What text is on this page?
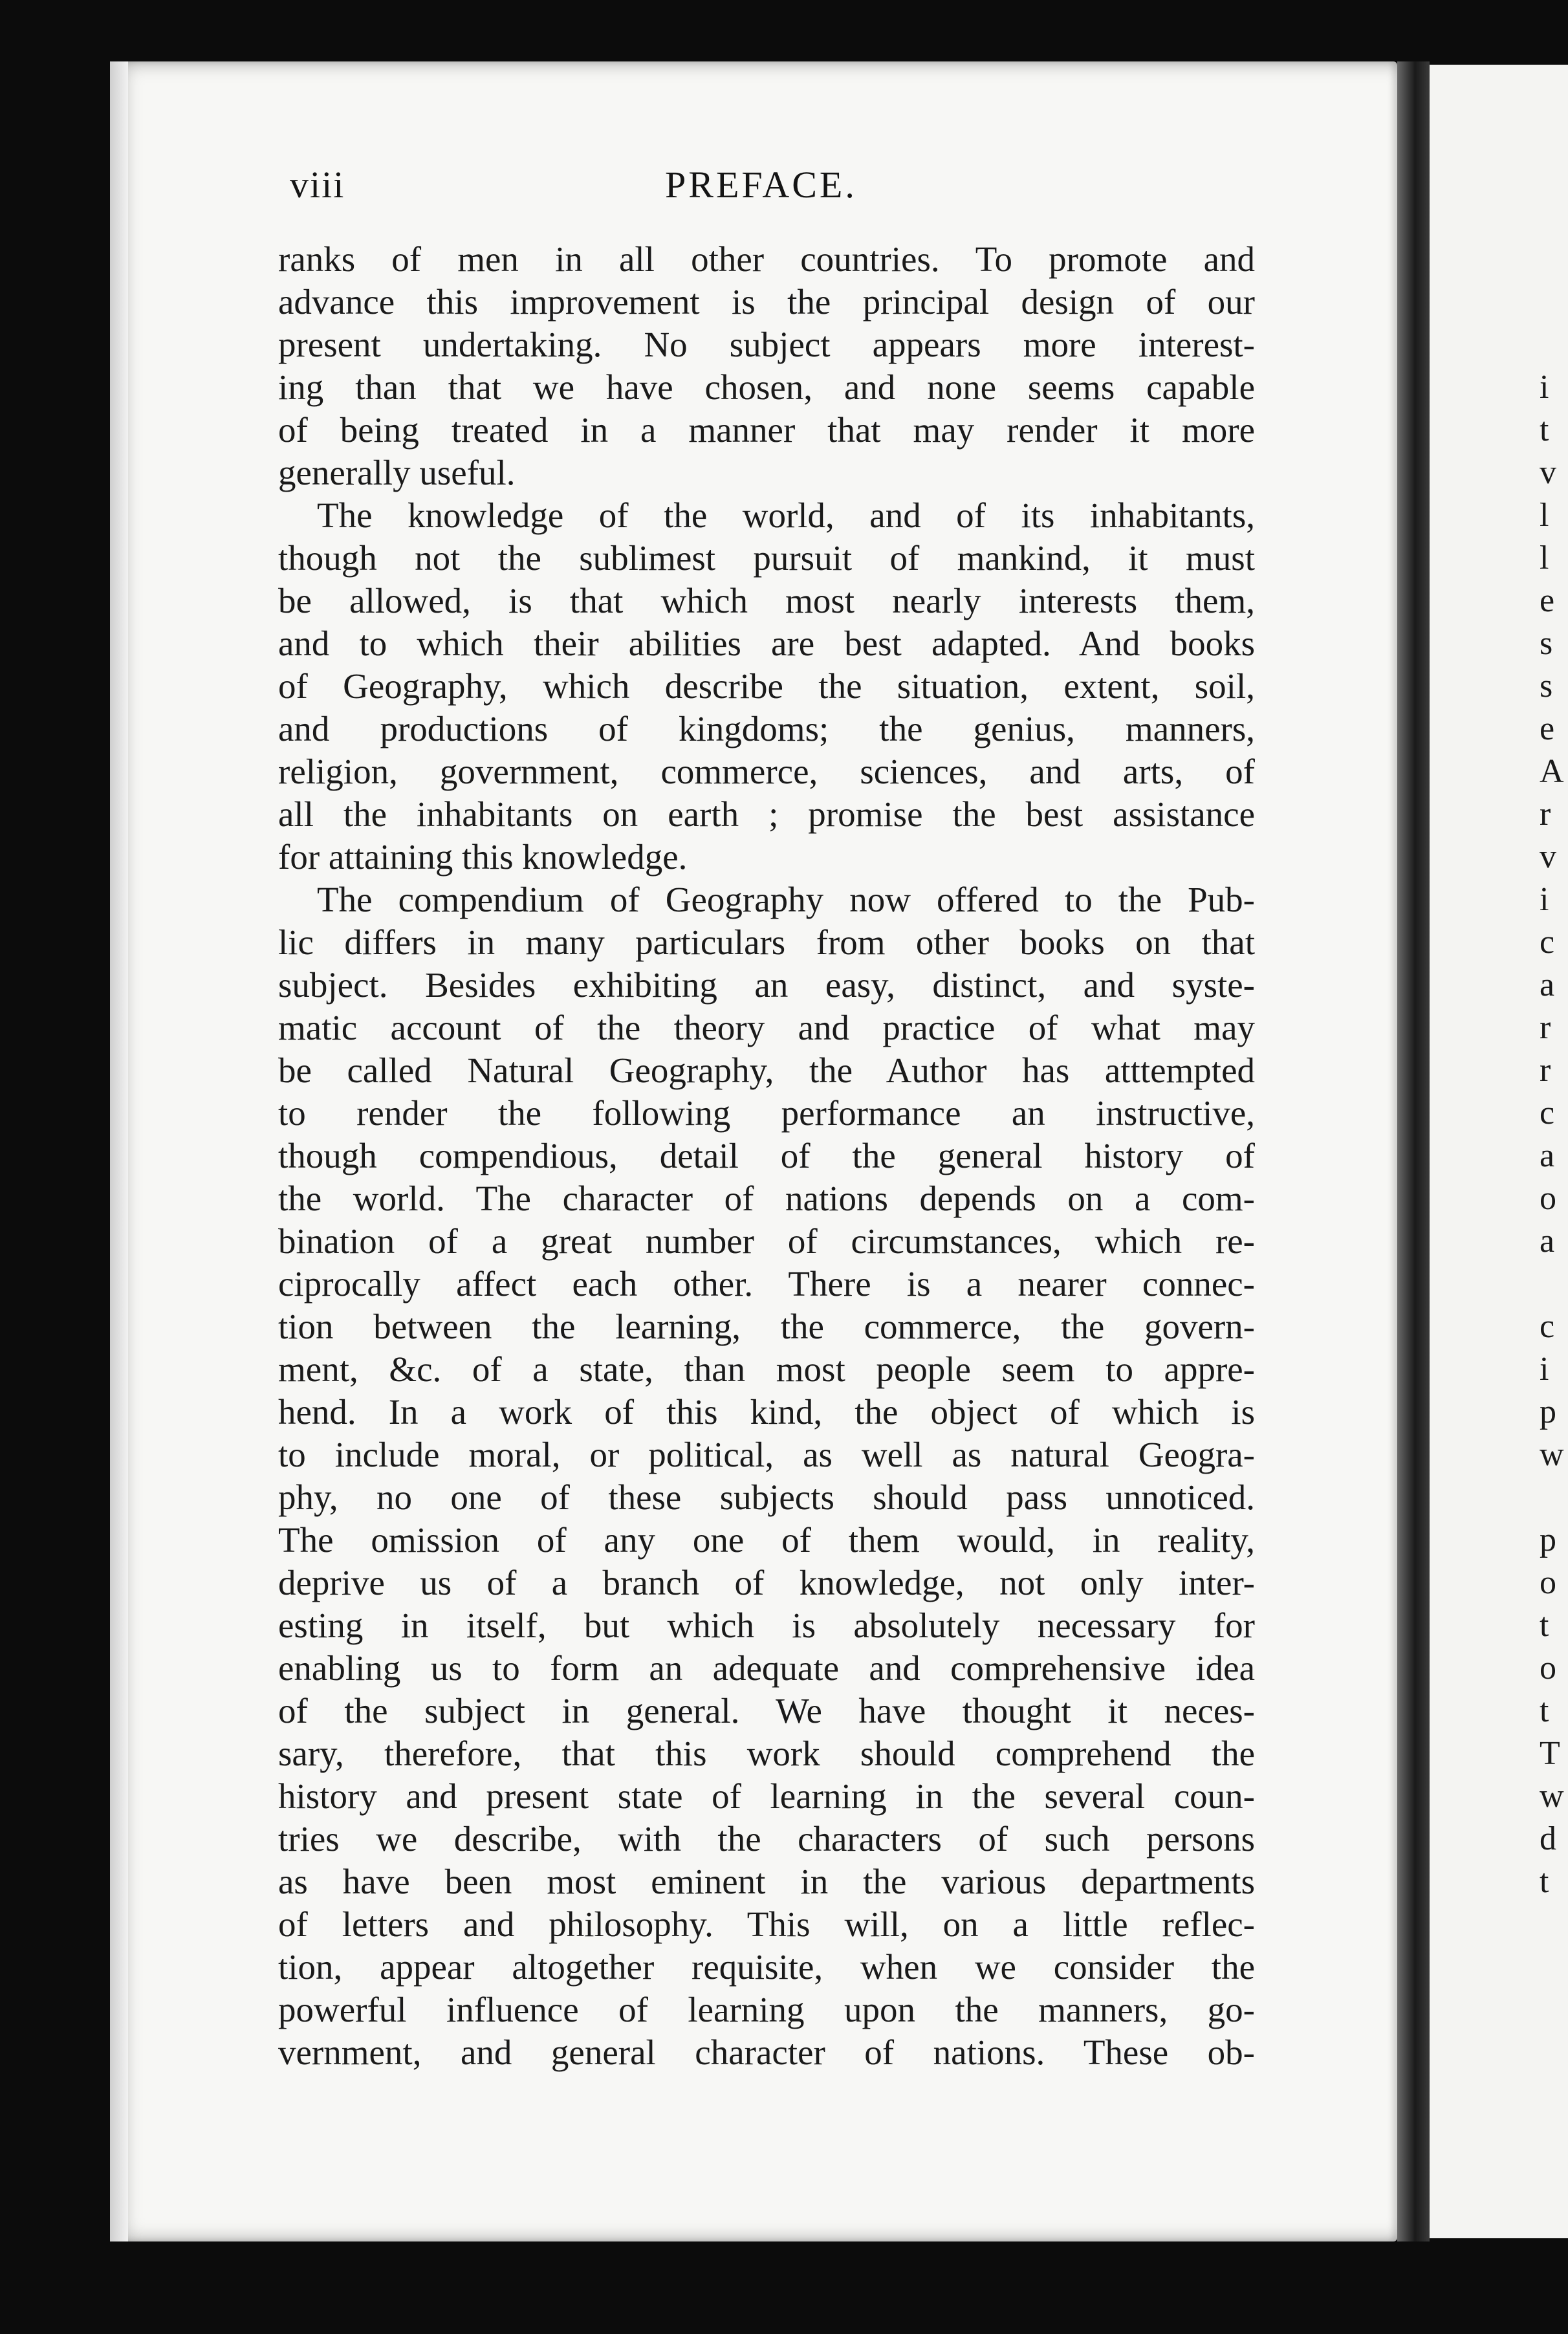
viii	PREFACE.
ranks of men in all other countries. To promote and
advance this improvement is the principal design of our
present undertaking. No subject appears more interest-
ing than that we have chosen, and none seems capable
of being treated in a manner that may render it more
generally useful.
The knowledge of the world, and of its inhabitants,
though not the sublimest pursuit of mankind, it must
be allowed, is that which most nearly interests them,
and to which their abilities are best adapted. And books
of Geography, which describe the situation, extent, soil,
and productions of kingdoms; the genius, manners,
religion, government, commerce, sciences, and arts, of
all the inhabitants on earth ; promise the best assistance
for attaining this knowledge.
The compendium of Geography now offered to the Pub-
lic differs in many particulars from other books on that
subject. Besides exhibiting an easy, distinct, and syste-
matic account of the theory and practice of what may
be called Natural Geography, the Author has atttempted
to render the following performance an instructive,
though compendious, detail of the general history of
the world. The character of nations depends on a com-
bination of a great number of circumstances, which re-
ciprocally affect each other. There is a nearer connec-
tion between the learning, the commerce, the govern-
ment, &c. of a state, than most people seem to appre-
hend. In a work of this kind, the object of which is
to include moral, or political, as well as natural Geogra-
phy, no one of these subjects should pass unnoticed.
The omission of any one of them would, in reality,
deprive us of a branch of knowledge, not only inter-
esting in itself, but which is absolutely necessary for
enabling us to form an adequate and comprehensive idea
of the subject in general. We have thought it neces-
sary, therefore, that this work should comprehend the
history and present state of learning in the several coun-
tries we describe, with the characters of such persons
as have been most eminent in the various departments
of letters and philosophy. This will, on a little reflec-
tion, appear altogether requisite, when we consider the
powerful influence of learning upon the manners, go-
vernment, and general character of nations. These ob-
i
t
v
l
l
e
s
s
e
A
r
v
i
c
a
r
r
c
a
o
a
c
i
p
w
p
o
t
o
t
T
w
d
t
